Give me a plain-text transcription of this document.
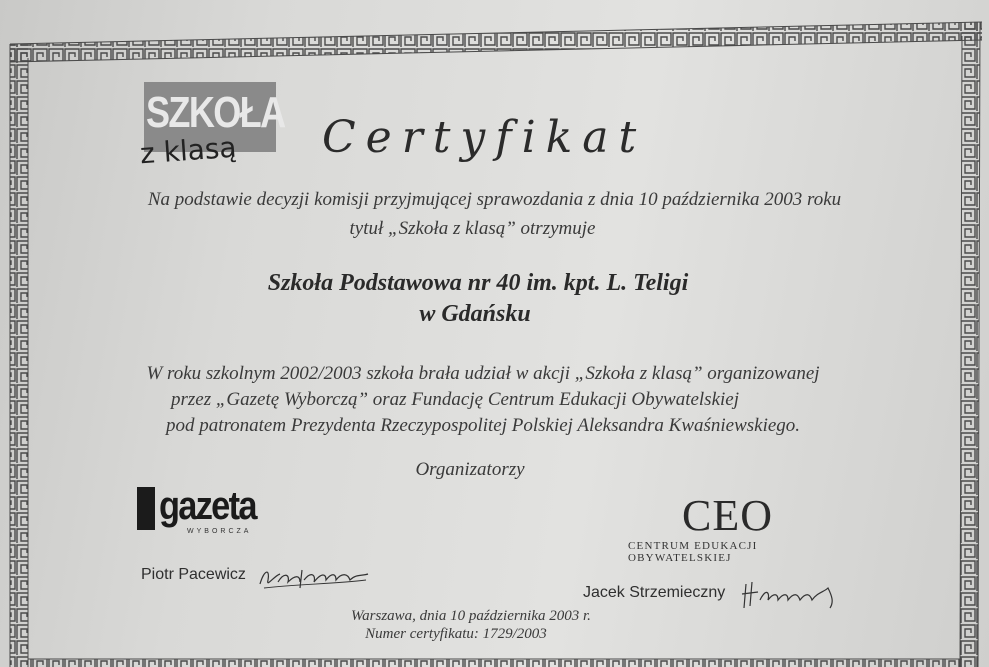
SZKOŁA
z klasą Certyfikat
Na podstawie decyzji komisji przyjmującej sprawozdania z dnia 10 października 2003 roku
tytuł „Szkoła z klasą” otrzymuje
Szkoła Podstawowa nr 40 im. kpt. L. Teligi
w Gdańsku
W roku szkolnym 2002/2003 szkoła brała udział w akcji „Szkoła z klasą” organizowanej
przez „Gazetę Wyborczą” oraz Fundację Centrum Edukacji Obywatelskiej
pod patronatem Prezydenta Rzeczypospolitej Polskiej Aleksandra Kwaśniewskiego.
Organizatorzy
gazeta
WYBORCZA	CEO
CENTRUM EDUKACJI OBYWATELSKIEJ
Piotr Pacewicz
Jacek Strzemieczny
Warszawa, dnia 10 października 2003 r.
Numer certyfikatu: 1729/2003
